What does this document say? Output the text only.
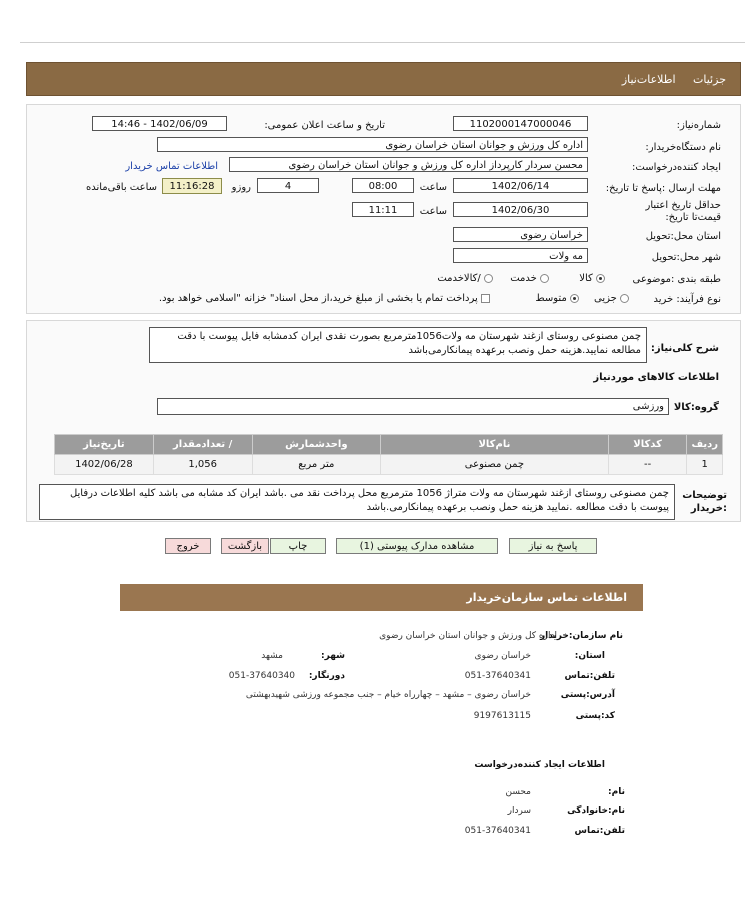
جزئیات اطلاعات‌نیاز
شماره‌نیاز:
1102000147000046
تاریخ و ساعت اعلان عمومی:
1402/06/09 - 14:46
نام دستگاه‌خریدار:
اداره کل ورزش و جوانان استان خراسان رضوی
ایجاد کننده‌درخواست:
محسن سردار کارپرداز اداره کل ورزش و جوانان استان خراسان رضوی
اطلاعات تماس خریدار
مهلت ارسال :پاسخ تا تاریخ:
1402/06/14
ساعت
08:00
4
روزو
11:16:28
ساعت باقی‌مانده
حداقل تاریخ اعتبار قیمت‌تا تاریخ:
1402/06/30
ساعت
11:11
استان محل:تحویل
خراسان رضوی
شهر محل:تحویل
مه ولات
طبقه بندی :موضوعی
کالا
خدمت
/کالاخدمت
نوع فرآیند: خرید
جزیی
متوسط
پرداخت تمام یا بخشی از مبلغ خرید،از محل اسناد" خزانه "اسلامی خواهد بود.
شرح کلی‌نیاز:
چمن مصنوعی روستای ازغند شهرستان مه ولات1056مترمربع بصورت نقدی ایران کدمشابه فایل پیوست با دقت مطالعه نمایید.هزینه حمل ونصب برعهده پیمانکارمی‌باشد
اطلاعات کالاهای موردنیاز
گروه:کالا
ورزشی
ردیف	کدکالا	نام‌کالا	واحدشمارش	/ تعدادمقدار	تاریخ‌نیاز
1	--	چمن مصنوعی	متر مربع	1,056	1402/06/28
توضیحات :خریدار
چمن مصنوعی روستای ازغند شهرستان مه ولات متراژ 1056 مترمربع محل پرداخت نقد می .باشد ایران کد مشابه می باشد کلیه اطلاعات درفایل پیوست با دقت مطالعه .نمایید هزینه حمل ونصب برعهده پیمانکارمی.باشد
پاسخ به نیاز
مشاهده مدارک پیوستی (1)
چاپ
بازگشت
خروج
اطلاعات تماس سازمان‌خریدار
نام سازمان‌:خریدار
اداره کل ورزش و جوانان استان خراسان رضوی
استان:
خراسان رضوی
شهر:
مشهد
تلفن:تماس
051-37640341
دورنگار:
051-37640340
آدرس:پستی
خراسان رضوی – مشهد – چهارراه خیام – جنب مجموعه ورزشی شهیدبهشتی
کد:پستی
9197613115
اطلاعات ایجاد کننده‌درخواست
نام:
محسن
نام‌:خانوادگی
سردار
تلفن:تماس
051-37640341
